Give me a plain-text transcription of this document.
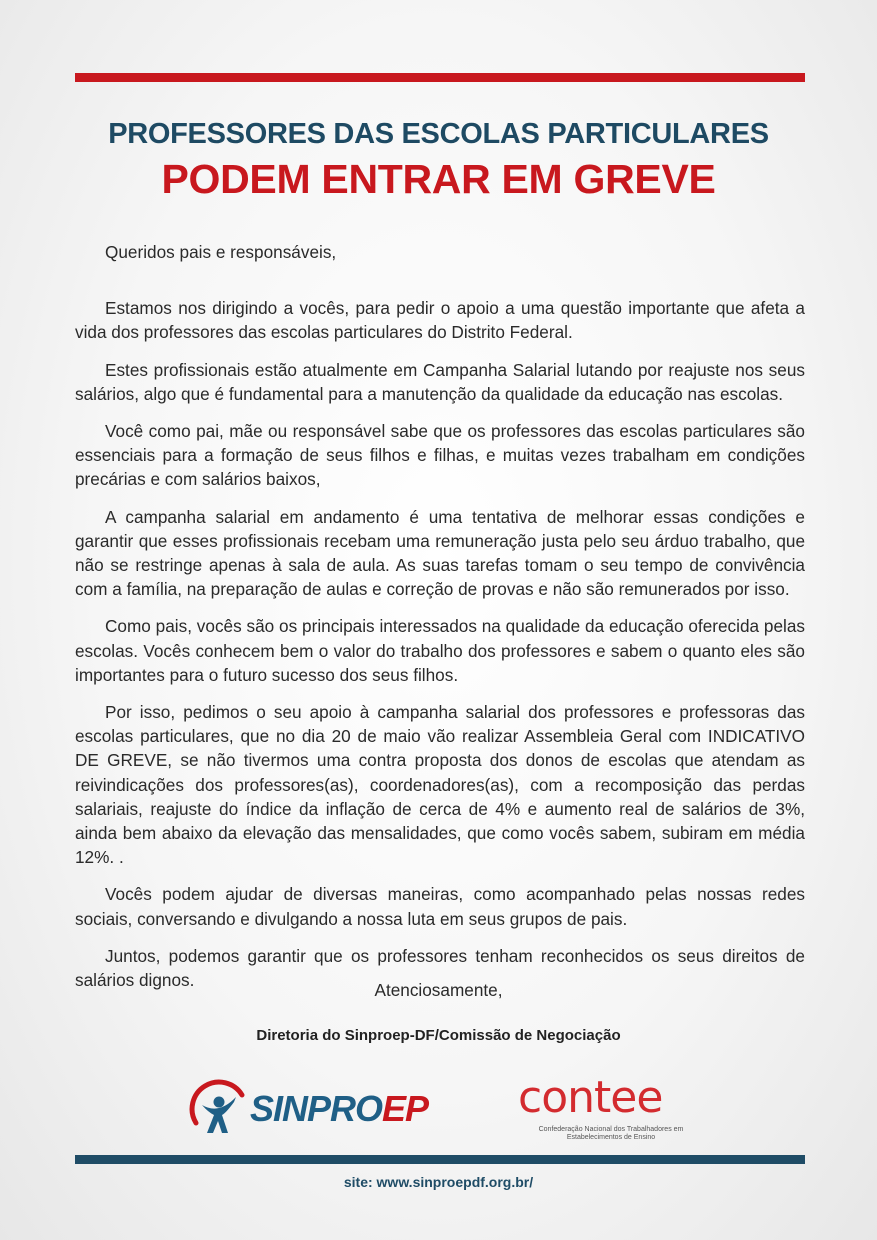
PROFESSORES DAS ESCOLAS PARTICULARES
PODEM ENTRAR EM GREVE

Queridos pais e responsáveis,

Estamos nos dirigindo a vocês, para pedir o apoio a uma questão importante que afeta a vida dos professores das escolas particulares do Distrito Federal.

Estes profissionais estão atualmente em Campanha Salarial lutando por reajuste nos seus salários, algo que é fundamental para a manutenção da qualidade da educação nas escolas.

Você como pai, mãe ou responsável sabe que os professores das escolas particulares são essenciais para a formação de seus filhos e filhas, e muitas vezes trabalham em condições precárias e com salários baixos,

A campanha salarial em andamento é uma tentativa de melhorar essas condições e garantir que esses profissionais recebam uma remuneração justa pelo seu árduo trabalho, que não se restringe apenas à sala de aula. As suas tarefas tomam o seu tempo de convivência com a família, na preparação de aulas e correção de provas e não são remunerados por isso.

Como pais, vocês são os principais interessados na qualidade da educação oferecida pelas escolas. Vocês conhecem bem o valor do trabalho dos professores e sabem o quanto eles são importantes para o futuro sucesso dos seus filhos.

Por isso, pedimos o seu apoio à campanha salarial dos professores e professoras das escolas particulares, que no dia 20 de maio vão realizar Assembleia Geral com INDICATIVO DE GREVE, se não tivermos uma contra proposta dos donos de escolas que atendam as reivindicações dos professores(as), coordenadores(as), com a recomposição das perdas salariais, reajuste do índice da inflação de cerca de 4% e aumento real de salários de 3%, ainda bem abaixo da elevação das mensalidades, que como vocês sabem, subiram em média 12%. .

Vocês podem ajudar de diversas maneiras, como acompanhado pelas nossas redes sociais, conversando e divulgando a nossa luta em seus grupos de pais.

Juntos, podemos garantir que os professores tenham reconhecidos os seus direitos de salários dignos.	Atenciosamente,
Diretoria do Sinproep-DF/Comissão de Negociação
SINPROEP contee
Confederação Nacional dos Trabalhadores em Estabelecimentos de Ensino
site: www.sinproepdf.org.br/
